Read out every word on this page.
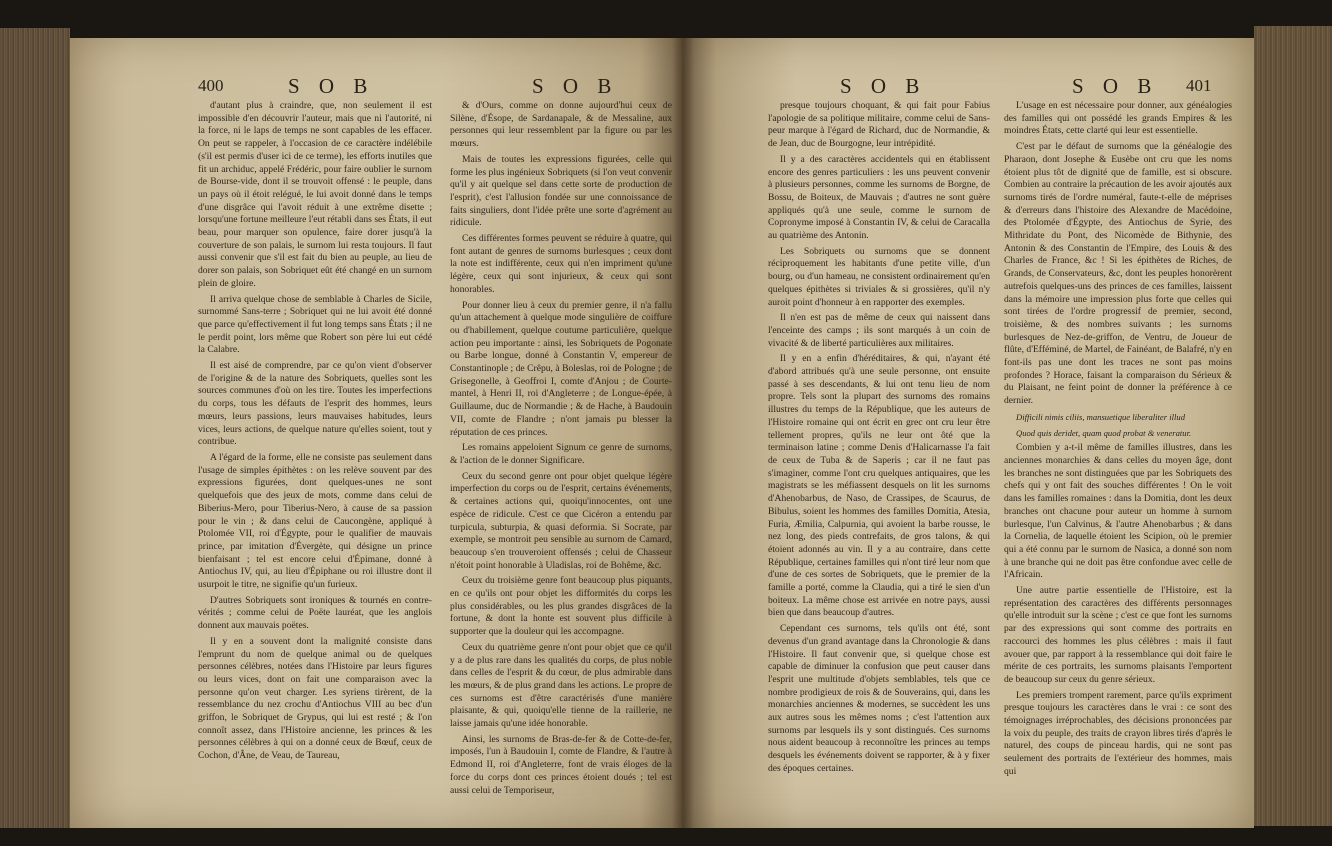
400	S O B	S O B

d'autant plus à craindre, que, non seulement il est impossible d'en découvrir l'auteur, mais que ni l'autorité, ni la force, ni le laps de temps ne sont capables de les effacer. On peut se rappeler, à l'occasion de ce caractère indélébile (s'il est permis d'user ici de ce terme), les efforts inutiles que fit un archiduc, appelé Frédéric, pour faire oublier le surnom de Bourse-vide, dont il se trouvoit offensé : le peuple, dans un pays où il étoit relégué, le lui avoit donné dans le temps d'une disgrâce qui l'avoit réduit à une extrême disette ; lorsqu'une fortune meilleure l'eut rétabli dans ses États, il eut beau, pour marquer son opulence, faire dorer jusqu'à la couverture de son palais, le surnom lui resta toujours. Il faut aussi convenir que s'il est fait du bien au peuple, au lieu de dorer son palais, son Sobriquet eût été changé en un surnom plein de gloire.

Il arriva quelque chose de semblable à Charles de Sicile, surnommé Sans-terre ; Sobriquet qui ne lui avoit été donné que parce qu'effectivement il fut long temps sans États ; il ne le perdit point, lors même que Robert son père lui eut cédé la Calabre.

Il est aisé de comprendre, par ce qu'on vient d'observer de l'origine & de la nature des Sobriquets, quelles sont les sources communes d'où on les tire. Toutes les imperfections du corps, tous les défauts de l'esprit des hommes, leurs mœurs, leurs passions, leurs mauvaises habitudes, leurs vices, leurs actions, de quelque nature qu'elles soient, tout y contribue.

A l'égard de la forme, elle ne consiste pas seulement dans l'usage de simples épithètes : on les relève souvent par des expressions figurées, dont quelques-unes ne sont quelquefois que des jeux de mots, comme dans celui de Biberius-Mero, pour Tiberius-Nero, à cause de sa passion pour le vin ; & dans celui de Caucongène, appliqué à Ptolomée VII, roi d'Égypte, pour le qualifier de mauvais prince, par imitation d'Évergète, qui désigne un prince bienfaisant ; tel est encore celui d'Épimane, donné à Antiochus IV, qui, au lieu d'Épiphane ou roi illustre dont il usurpoit le titre, ne signifie qu'un furieux.

D'autres Sobriquets sont ironiques & tournés en contre-vérités ; comme celui de Poëte lauréat, que les anglois donnent aux mauvais poëtes.

Il y en a souvent dont la malignité consiste dans l'emprunt du nom de quelque animal ou de quelques personnes célèbres, notées dans l'Histoire par leurs figures ou leurs vices, dont on fait une comparaison avec la personne qu'on veut charger. Les syriens tirèrent, de la ressemblance du nez crochu d'Antiochus VIII au bec d'un griffon, le Sobriquet de Grypus, qui lui est resté ; & l'on connoît assez, dans l'Histoire ancienne, les princes & les personnes célèbres à qui on a donné ceux de Bœuf, ceux de Cochon, d'Âne, de Veau, de Taureau,

& d'Ours, comme on donne aujourd'hui ceux de Silène, d'Ésope, de Sardanapale, & de Messaline, aux personnes qui leur ressemblent par la figure ou par les mœurs.

Mais de toutes les expressions figurées, celle qui forme les plus ingénieux Sobriquets (si l'on veut convenir qu'il y ait quelque sel dans cette sorte de production de l'esprit), c'est l'allusion fondée sur une connoissance de faits singuliers, dont l'idée prête une sorte d'agrément au ridicule.

Ces différentes formes peuvent se réduire à quatre, qui font autant de genres de surnoms burlesques ; ceux dont la note est indifférente, ceux qui n'en impriment qu'une légère, ceux qui sont injurieux, & ceux qui sont honorables.

Pour donner lieu à ceux du premier genre, il n'a fallu qu'un attachement à quelque mode singulière de coiffure ou d'habillement, quelque coutume particulière, quelque action peu importante : ainsi, les Sobriquets de Pogonate ou Barbe longue, donné à Constantin V, empereur de Constantinople ; de Crêpu, à Boleslas, roi de Pologne ; de Grisegonelle, à Geoffroi I, comte d'Anjou ; de Courte-mantel, à Henri II, roi d'Angleterre ; de Longue-épée, à Guillaume, duc de Normandie ; & de Hache, à Baudouin VII, comte de Flandre ; n'ont jamais pu blesser la réputation de ces princes.

Les romains appeloient Signum ce genre de surnoms, & l'action de le donner Significare.

Ceux du second genre ont pour objet quelque légère imperfection du corps ou de l'esprit, certains événements, & certaines actions qui, quoiqu'innocentes, ont une espèce de ridicule. C'est ce que Cicéron a entendu par turpicula, subturpia, & quasi deformia. Si Socrate, par exemple, se montroit peu sensible au surnom de Camard, beaucoup s'en trouveroient offensés ; celui de Chasseur n'étoit point honorable à Uladislas, roi de Bohême, &c.

Ceux du troisième genre font beaucoup plus piquants, en ce qu'ils ont pour objet les difformités du corps les plus considérables, ou les plus grandes disgrâces de la fortune, & dont la honte est souvent plus difficile à supporter que la douleur qui les accompagne.

Ceux du quatrième genre n'ont pour objet que ce qu'il y a de plus rare dans les qualités du corps, de plus noble dans celles de l'esprit & du cœur, de plus admirable dans les mœurs, & de plus grand dans les actions. Le propre de ces surnoms est d'être caractérisés d'une manière plaisante, & qui, quoiqu'elle tienne de la raillerie, ne laisse jamais qu'une idée honorable.

Ainsi, les surnoms de Bras-de-fer & de Cotte-de-fer, imposés, l'un à Baudouin I, comte de Flandre, & l'autre à Edmond II, roi d'Angleterre, font de vrais éloges de la force du corps dont ces princes étoient doués ; tel est aussi celui de Temporiseur,

S O B	S O B 401

presque toujours choquant, & qui fait pour Fabius l'apologie de sa politique militaire, comme celui de Sans-peur marque à l'égard de Richard, duc de Normandie, & de Jean, duc de Bourgogne, leur intrépidité.

Il y a des caractères accidentels qui en établissent encore des genres particuliers : les uns peuvent convenir à plusieurs personnes, comme les surnoms de Borgne, de Bossu, de Boiteux, de Mauvais ; d'autres ne sont guère appliqués qu'à une seule, comme le surnom de Copronyme imposé à Constantin IV, & celui de Caracalla au quatrième des Antonin.

Les Sobriquets ou surnoms que se donnent réciproquement les habitants d'une petite ville, d'un bourg, ou d'un hameau, ne consistent ordinairement qu'en quelques épithètes si triviales & si grossières, qu'il n'y auroit point d'honneur à en rapporter des exemples.

Il n'en est pas de même de ceux qui naissent dans l'enceinte des camps ; ils sont marqués à un coin de vivacité & de liberté particulières aux militaires.

Il y en a enfin d'héréditaires, & qui, n'ayant été d'abord attribués qu'à une seule personne, ont ensuite passé à ses descendants, & lui ont tenu lieu de nom propre. Tels sont la plupart des surnoms des romains illustres du temps de la République, que les auteurs de l'Histoire romaine qui ont écrit en grec ont cru leur être tellement propres, qu'ils ne leur ont ôté que la terminaison latine ; comme Denis d'Halicarnasse l'a fait de ceux de Tuba & de Saperis ; car il ne faut pas s'imaginer, comme l'ont cru quelques antiquaires, que les magistrats se les méfiassent desquels on lit les surnoms d'Ahenobarbus, de Naso, de Crassipes, de Scaurus, de Bibulus, soient les hommes des familles Domitia, Atesia, Furia, Æmilia, Calpurnia, qui avoient la barbe rousse, le nez long, des pieds contrefaits, de gros talons, & qui étoient adonnés au vin. Il y a au contraire, dans cette République, certaines familles qui n'ont tiré leur nom que d'une de ces sortes de Sobriquets, que le premier de la famille a porté, comme la Claudia, qui a tiré le sien d'un boiteux. La même chose est arrivée en notre pays, aussi bien que dans beaucoup d'autres.

Cependant ces surnoms, tels qu'ils ont été, sont devenus d'un grand avantage dans la Chronologie & dans l'Histoire. Il faut convenir que, si quelque chose est capable de diminuer la confusion que peut causer dans l'esprit une multitude d'objets semblables, tels que ce nombre prodigieux de rois & de Souverains, qui, dans les monarchies anciennes & modernes, se succèdent les uns aux autres sous les mêmes noms ; c'est l'attention aux surnoms par lesquels ils y sont distingués. Ces surnoms nous aident beaucoup à reconnoître les princes au temps desquels les événements doivent se rapporter, & à y fixer des époques certaines.

L'usage en est nécessaire pour donner, aux généalogies des familles qui ont possédé les grands Empires & les moindres États, cette clarté qui leur est essentielle.

C'est par le défaut de surnoms que la généalogie des Pharaon, dont Josephe & Eusèbe ont cru que les noms étoient plus tôt de dignité que de famille, est si obscure. Combien au contraire la précaution de les avoir ajoutés aux surnoms tirés de l'ordre numéral, faute-t-elle de méprises & d'erreurs dans l'histoire des Alexandre de Macédoine, des Ptolomée d'Égypte, des Antiochus de Syrie, des Mithridate du Pont, des Nicomède de Bithynie, des Antonin & des Constantin de l'Empire, des Louis & des Charles de France, &c ! Si les épithètes de Riches, de Grands, de Conservateurs, &c, dont les peuples honorèrent autrefois quelques-uns des princes de ces familles, laissent dans la mémoire une impression plus forte que celles qui sont tirées de l'ordre progressif de premier, second, troisième, & des nombres suivants ; les surnoms burlesques de Nez-de-griffon, de Ventru, de Joueur de flûte, d'Efféminé, de Martel, de Fainéant, de Balafré, n'y en font-ils pas une dont les traces ne sont pas moins profondes ? Horace, faisant la comparaison du Sérieux & du Plaisant, ne feint point de donner la préférence à ce dernier.

Difficili nimis ciliis, mansuetique liberaliter illud

Quod quis deridet, quam quod probat & veneratur.

Combien y a-t-il même de familles illustres, dans les anciennes monarchies & dans celles du moyen âge, dont les branches ne sont distinguées que par les Sobriquets des chefs qui y ont fait des souches différentes ! On le voit dans les familles romaines : dans la Domitia, dont les deux branches ont chacune pour auteur un homme à surnom burlesque, l'un Calvinus, & l'autre Ahenobarbus ; & dans la Cornelia, de laquelle étoient les Scipion, où le premier qui a été connu par le surnom de Nasica, a donné son nom à une branche qui ne doit pas être confondue avec celle de l'Africain.

Une autre partie essentielle de l'Histoire, est la représentation des caractères des différents personnages qu'elle introduit sur la scène ; c'est ce que font les surnoms par des expressions qui sont comme des portraits en raccourci des hommes les plus célèbres : mais il faut avouer que, par rapport à la ressemblance qui doit faire le mérite de ces portraits, les surnoms plaisants l'emportent de beaucoup sur ceux du genre sérieux.

Les premiers trompent rarement, parce qu'ils expriment presque toujours les caractères dans le vrai : ce sont des témoignages irréprochables, des décisions prononcées par la voix du peuple, des traits de crayon libres tirés d'après le naturel, des coups de pinceau hardis, qui ne sont pas seulement des portraits de l'extérieur des hommes, mais qui
